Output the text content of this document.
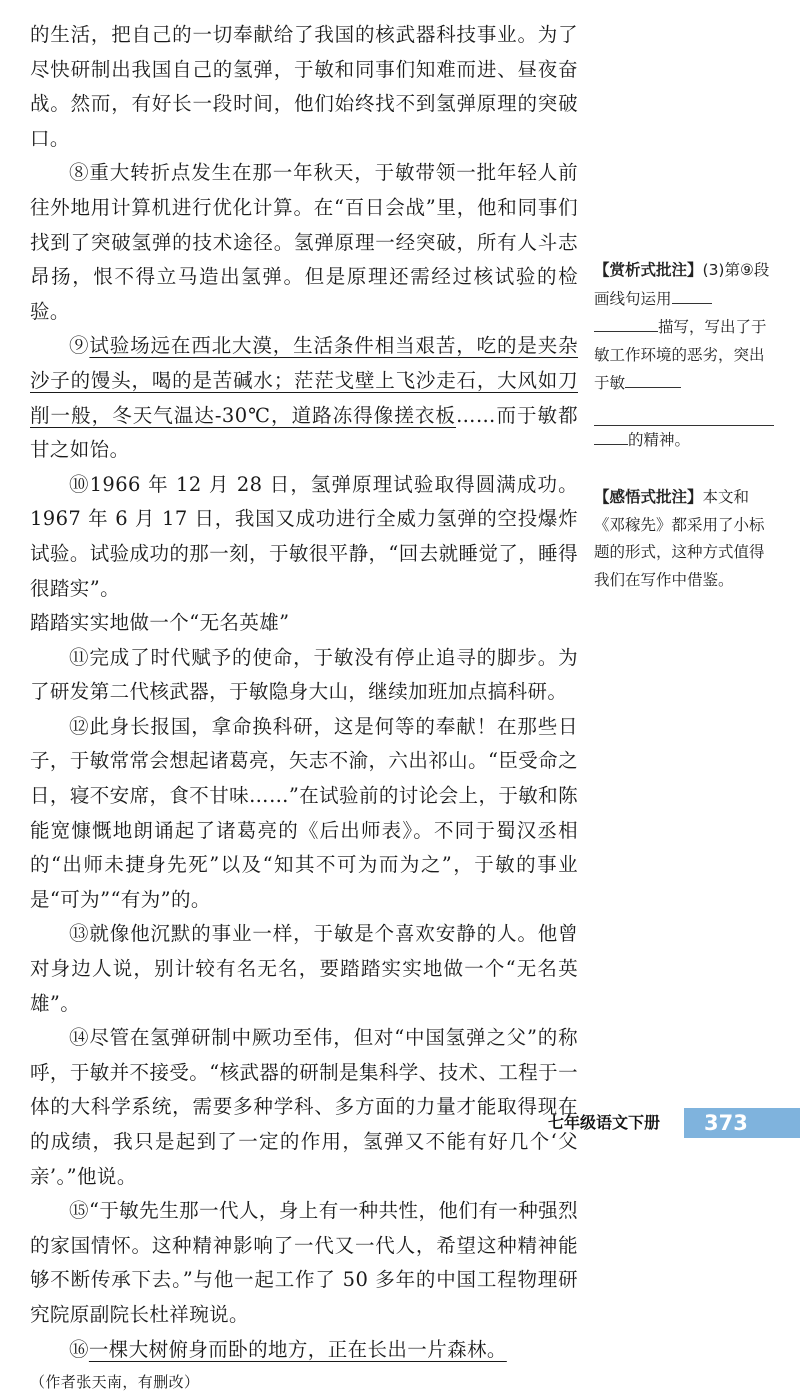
的生活，把自己的一切奉献给了我国的核武器科技事业。为了尽快研制出我国自己的氢弹，于敏和同事们知难而进、昼夜奋战。然而，有好长一段时间，他们始终找不到氢弹原理的突破口。

⑧重大转折点发生在那一年秋天，于敏带领一批年轻人前往外地用计算机进行优化计算。在“百日会战”里，他和同事们找到了突破氢弹的技术途径。氢弹原理一经突破，所有人斗志昂扬，恨不得立马造出氢弹。但是原理还需经过核试验的检验。

⑨试验场远在西北大漠，生活条件相当艰苦，吃的是夹杂沙子的馒头，喝的是苦碱水；茫茫戈壁上飞沙走石，大风如刀削一般，冬天气温达-30℃，道路冻得像搓衣板……而于敏都甘之如饴。

⑩1966 年 12 月 28 日，氢弹原理试验取得圆满成功。1967 年 6 月 17 日，我国又成功进行全威力氢弹的空投爆炸试验。试验成功的那一刻，于敏很平静，“回去就睡觉了，睡得很踏实”。

踏踏实实地做一个“无名英雄”

⑪完成了时代赋予的使命，于敏没有停止追寻的脚步。为了研发第二代核武器，于敏隐身大山，继续加班加点搞科研。

⑫此身长报国，拿命换科研，这是何等的奉献！在那些日子，于敏常常会想起诸葛亮，矢志不渝，六出祁山。“臣受命之日，寝不安席，食不甘味……”在试验前的讨论会上，于敏和陈能宽慷慨地朗诵起了诸葛亮的《后出师表》。不同于蜀汉丞相的“出师未捷身先死”以及“知其不可为而为之”，于敏的事业是“可为”“有为”的。

⑬就像他沉默的事业一样，于敏是个喜欢安静的人。他曾对身边人说，别计较有名无名，要踏踏实实地做一个“无名英雄”。

⑭尽管在氢弹研制中厥功至伟，但对“中国氢弹之父”的称呼，于敏并不接受。“核武器的研制是集科学、技术、工程于一体的大科学系统，需要多种学科、多方面的力量才能取得现在的成绩，我只是起到了一定的作用，氢弹又不能有好几个‘父亲’。”他说。

⑮“于敏先生那一代人，身上有一种共性，他们有一种强烈的家国情怀。这种精神影响了一代又一代人，希望这种精神能够不断传承下去。”与他一起工作了 50 多年的中国工程物理研究院原副院长杜祥琬说。

⑯一棵大树俯身而卧的地方，正在长出一片森林。

（作者张天南，有删改）

【赏析式批注】(3)第⑨段画线句运用
描写，写出了于敏工作环境的恶劣，突出于敏
的精神。
【感悟式批注】本文和《邓稼先》都采用了小标题的形式，这种方式值得我们在写作中借鉴。
七年级语文下册	373
